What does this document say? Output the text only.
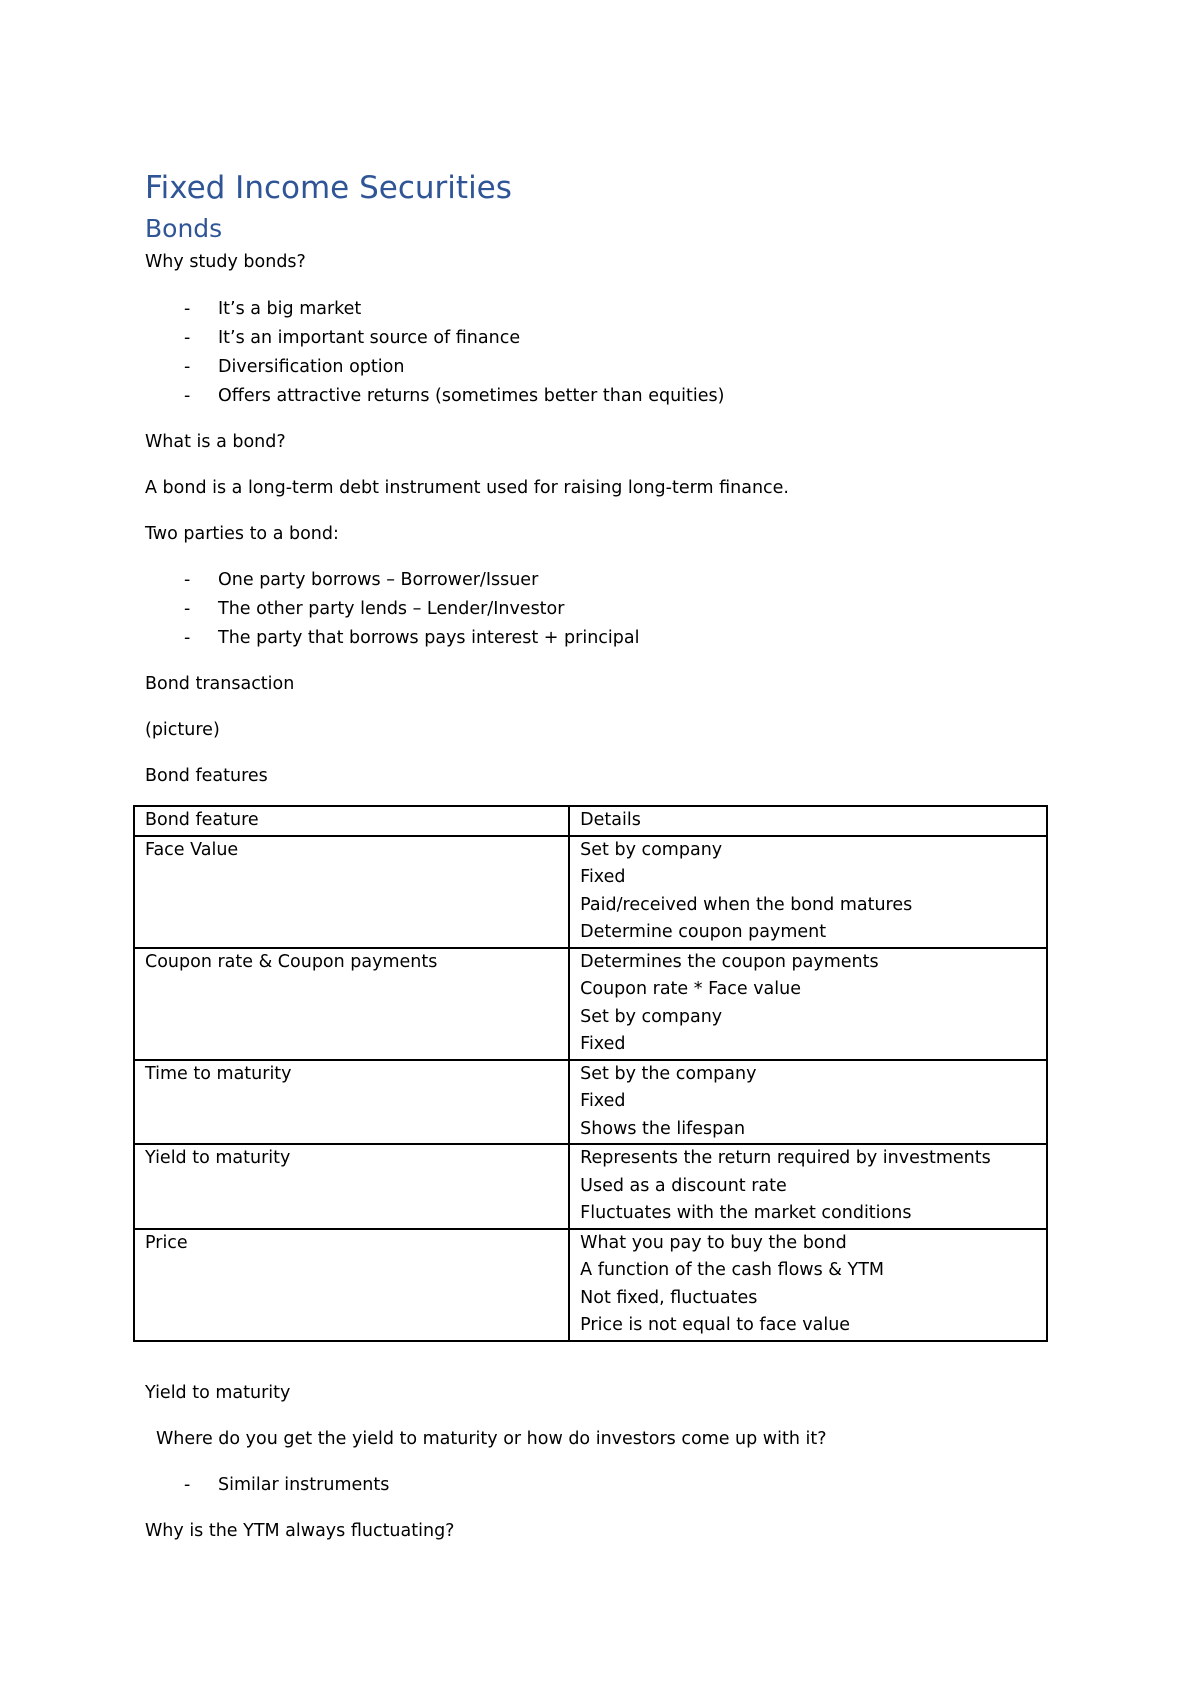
Fixed Income Securities
Bonds

Why study bonds?

- It’s a big market
- It’s an important source of finance
- Diversification option
- Offers attractive returns (sometimes better than equities)

What is a bond?

A bond is a long-term debt instrument used for raising long-term finance.

Two parties to a bond:

- One party borrows – Borrower/Issuer
- The other party lends – Lender/Investor
- The party that borrows pays interest + principal

Bond transaction

(picture)

Bond features

Bond feature	Details
Face Value	Set by company
Fixed
Paid/received when the bond matures
Determine coupon payment

Coupon rate & Coupon payments	Determines the coupon payments
Coupon rate * Face value
Set by company
Fixed

Time to maturity	Set by the company
Fixed
Shows the lifespan

Yield to maturity	Represents the return required by investments
Used as a discount rate
Fluctuates with the market conditions

Price	What you pay to buy the bond
A function of the cash flows & YTM
Not fixed, fluctuates
Price is not equal to face value

Yield to maturity

Where do you get the yield to maturity or how do investors come up with it?

- Similar instruments

Why is the YTM always fluctuating?
